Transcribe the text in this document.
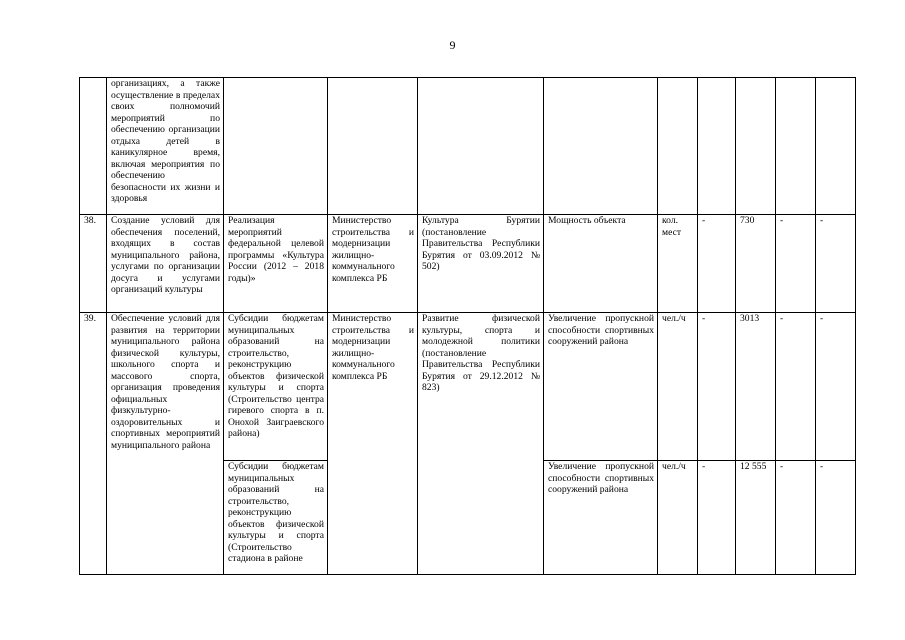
9
	организациях, а также осуществление в пределах своих полномочий мероприятий по обеспечению организации отдыха детей в каникулярное время, включая мероприятия по обеспечению безопасности их жизни и здоровья									
38.	Создание условий для обеспечения поселений, входящих в состав муниципального района, услугами по организации досуга и услугами организаций культуры	Реализация мероприятий федеральной целевой программы «Культура России (2012 – 2018 годы)»	Министерство строительства и модернизации жилищно-коммунального комплекса РБ	Культура Бурятии (постановление Правительства Республики Бурятия от 03.09.2012 № 502)	Мощность объекта	кол. мест	-	730	-	-
39.	Обеспечение условий для развития на территории муниципального района физической культуры, школьного спорта и массового спорта, организация проведения официальных физкультурно-оздоровительных и спортивных мероприятий муниципального района	Субсидии бюджетам муниципальных образований на строительство, реконструкцию объектов физической культуры и спорта (Строительство центра гиревого спорта в п. Онохой Заиграевского района)	Министерство строительства и модернизации жилищно-коммунального комплекса РБ	Развитие физической культуры, спорта и молодежной политики (постановление Правительства Республики Бурятия от 29.12.2012 № 823)	Увеличение пропускной способности спортивных сооружений района	чел./ч	-	3013	-	-
		Субсидии бюджетам муниципальных образований на строительство, реконструкцию объектов физической культуры и спорта (Строительство стадиона в районе			Увеличение пропускной способности спортивных сооружений района	чел./ч	-	12 555	-	-
